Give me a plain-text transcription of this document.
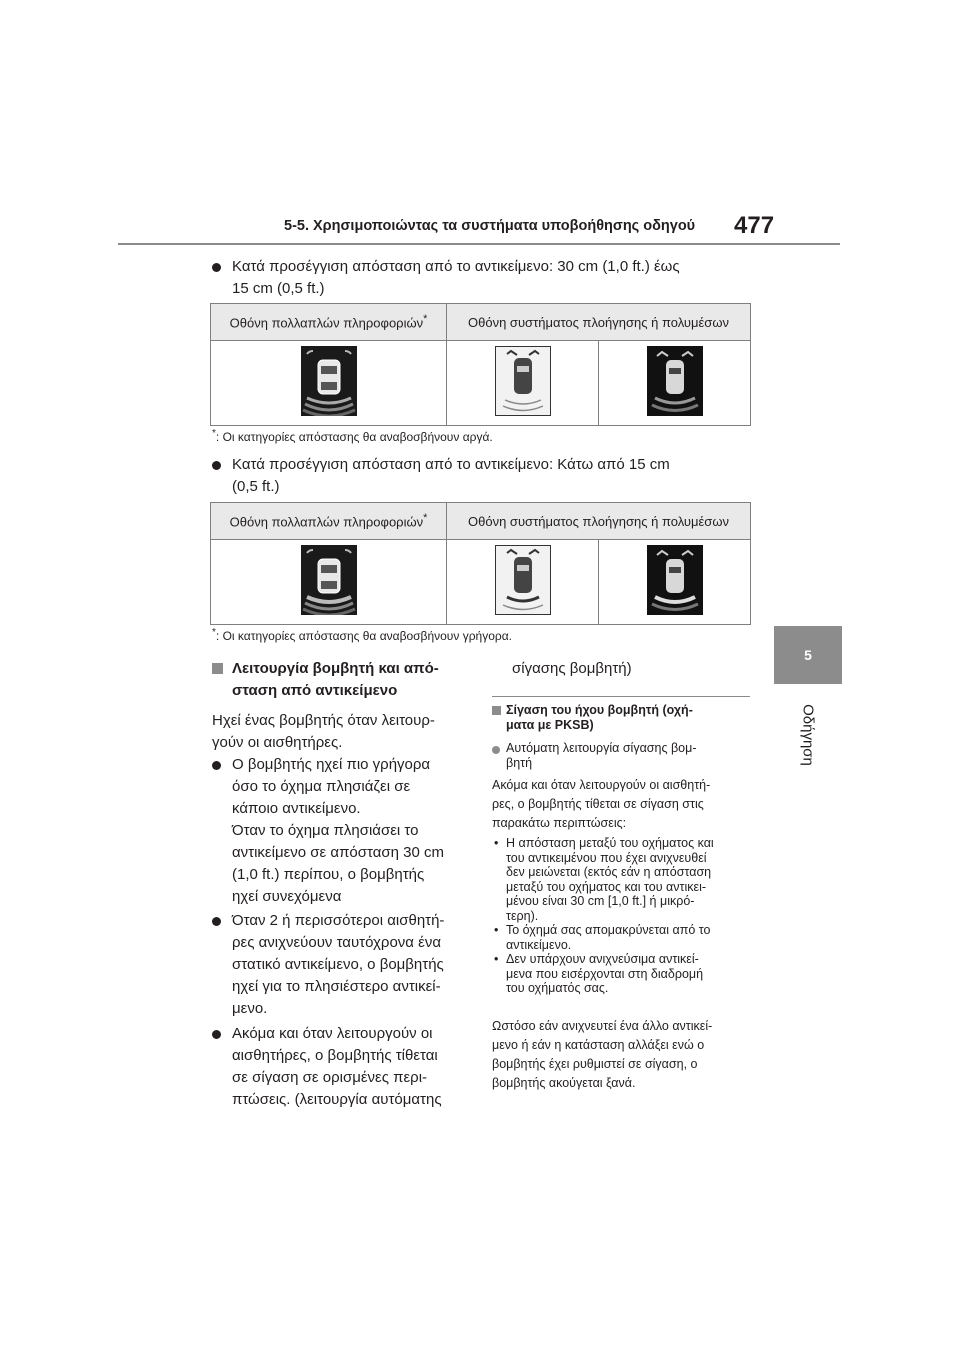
5-5. Χρησιμοποιώντας τα συστήματα υποβοήθησης οδηγού 477
5
Οδήγηση
Κατά προσέγγιση απόσταση από το αντικείμενο: 30 cm (1,0 ft.) έως
15 cm (0,5 ft.)
Οθόνη πολλαπλών πληροφοριών*	Οθόνη συστήματος πλοήγησης ή πολυμέσων	

*: Οι κατηγορίες απόστασης θα αναβοσβήνουν αργά.
Κατά προσέγγιση απόσταση από το αντικείμενο: Κάτω από 15 cm
(0,5 ft.)
Οθόνη πολλαπλών πληροφοριών*	Οθόνη συστήματος πλοήγησης ή πολυμέσων	

*: Οι κατηγορίες απόστασης θα αναβοσβήνουν γρήγορα.
Λειτουργία βομβητή και από-
σταση από αντικείμενο
Ηχεί ένας βομβητής όταν λειτουρ-
γούν οι αισθητήρες.
Ο βομβητής ηχεί πιο γρήγορα
όσο το όχημα πλησιάζει σε
κάποιο αντικείμενο.
Όταν το όχημα πλησιάσει το
αντικείμενο σε απόσταση 30 cm
(1,0 ft.) περίπου, ο βομβητής
ηχεί συνεχόμενα
Όταν 2 ή περισσότεροι αισθητή-
ρες ανιχνεύουν ταυτόχρονα ένα
στατικό αντικείμενο, ο βομβητής
ηχεί για το πλησιέστερο αντικεί-
μενο.
Ακόμα και όταν λειτουργούν οι
αισθητήρες, ο βομβητής τίθεται
σε σίγαση σε ορισμένες περι-
πτώσεις. (λειτουργία αυτόματης
σίγασης βομβητή)
Σίγαση του ήχου βομβητή (οχή-
ματα με PKSB)
Αυτόματη λειτουργία σίγασης βομ-
βητή
Ακόμα και όταν λειτουργούν οι αισθητή-
ρες, ο βομβητής τίθεται σε σίγαση στις
παρακάτω περιπτώσεις:
• Η απόσταση μεταξύ του οχήματος και
του αντικειμένου που έχει ανιχνευθεί
δεν μειώνεται (εκτός εάν η απόσταση
μεταξύ του οχήματος και του αντικει-
μένου είναι 30 cm [1,0 ft.] ή μικρό-
τερη).
• Το όχημά σας απομακρύνεται από το
αντικείμενο.
• Δεν υπάρχουν ανιχνεύσιμα αντικεί-
μενα που εισέρχονται στη διαδρομή
του οχήματός σας.
Ωστόσο εάν ανιχνευτεί ένα άλλο αντικεί-
μενο ή εάν η κατάσταση αλλάξει ενώ ο
βομβητής έχει ρυθμιστεί σε σίγαση, ο
βομβητής ακούγεται ξανά.
